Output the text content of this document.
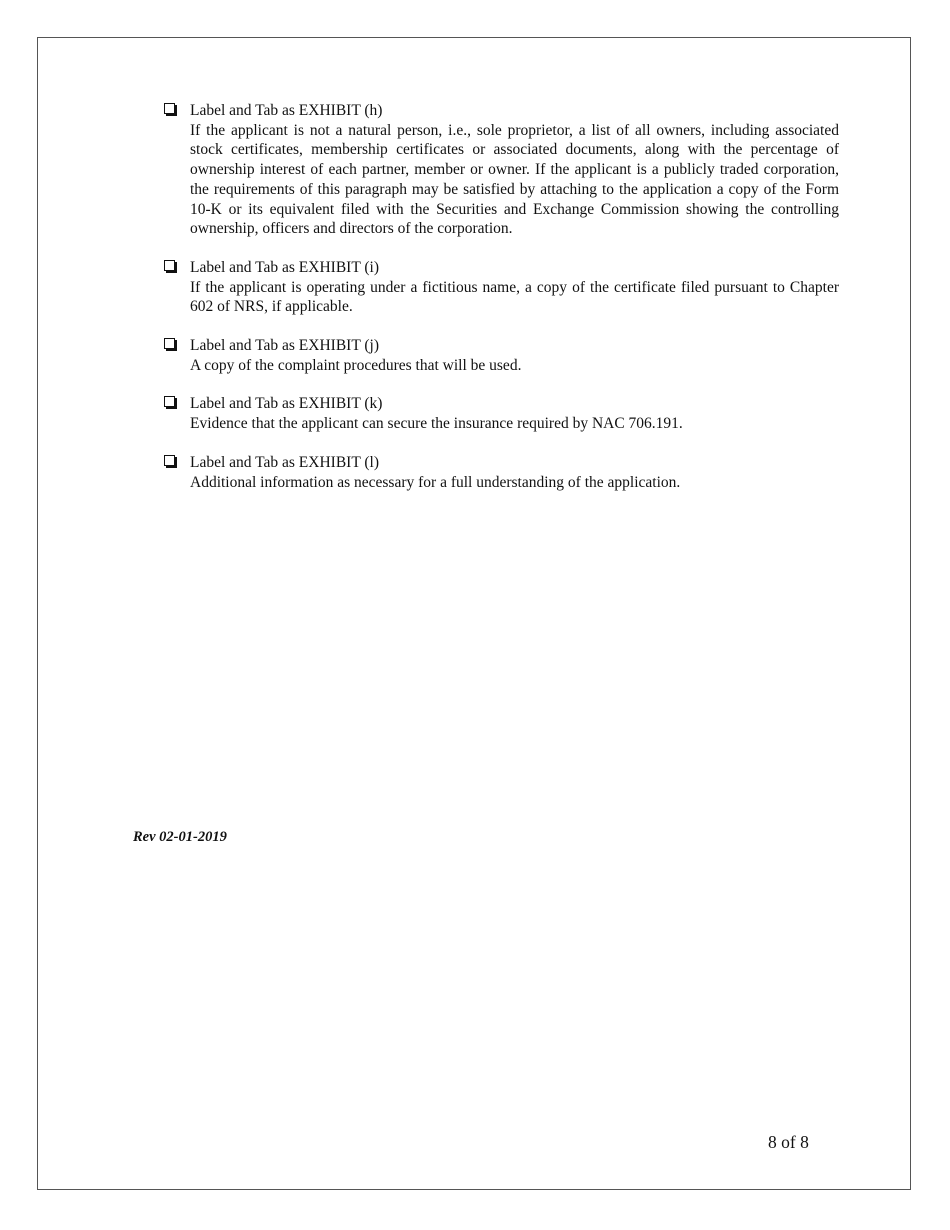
Label and Tab as EXHIBIT (h)
If the applicant is not a natural person, i.e., sole proprietor, a list of all owners, including associated stock certificates, membership certificates or associated documents, along with the percentage of ownership interest of each partner, member or owner. If the applicant is a publicly traded corporation, the requirements of this paragraph may be satisfied by attaching to the application a copy of the Form 10-K or its equivalent filed with the Securities and Exchange Commission showing the controlling ownership, officers and directors of the corporation.
Label and Tab as EXHIBIT (i)
If the applicant is operating under a fictitious name, a copy of the certificate filed pursuant to Chapter 602 of NRS, if applicable.
Label and Tab as EXHIBIT (j)
A copy of the complaint procedures that will be used.
Label and Tab as EXHIBIT (k)
Evidence that the applicant can secure the insurance required by NAC 706.191.
Label and Tab as EXHIBIT (l)
Additional information as necessary for a full understanding of the application.
Rev 02-01-2019
8 of 8
